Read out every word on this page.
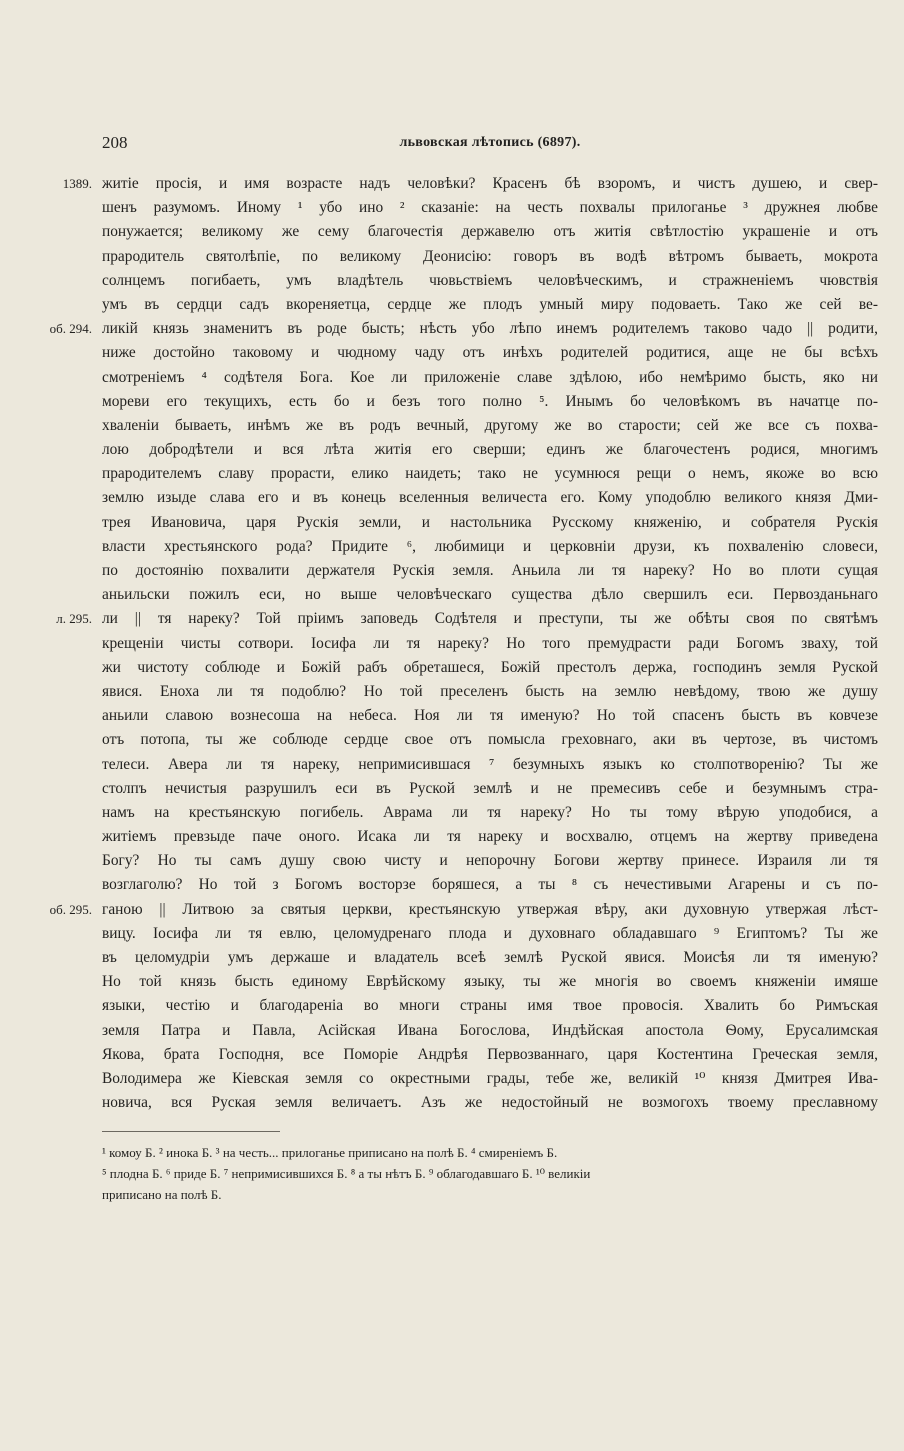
208	львовская лѣтопись (6897).
1389. житіе просія, и имя возрасте надъ человѣки? Красенъ бѣ взоромъ, и чистъ душею, и свер-
шенъ разумомъ. Иному ¹ убо ино ² сказаніе: на честь похвалы прилоганье ³ дружнея любве
понужается; великому же сему благочестія державелю отъ житія свѣтлостію украшеніе и отъ
прародитель святолѣпіе, по великому Деонисію: говоръ въ водѣ вѣтромъ бываеть, мокрота
солнцемъ погибаеть, умъ владѣтель чювьствіемъ человѣческимъ, и стражненіемъ чювствія
умъ въ сердци садъ вкореняетца, сердце же плодъ умный миру подоваеть. Тако же сей ве-
об. 294. ликій князь знаменитъ въ роде бысть; нѣсть убо лѣпо инемъ родителемъ таково чадо || родити,
ниже достойно таковому и чюдному чаду отъ инѣхъ родителей родитися, аще не бы всѣхъ
смотреніемъ ⁴ содѣтеля Бога. Кое ли приложеніе славе здѣлою, ибо немѣримо бысть, яко ни
мореви его текущихъ, есть бо и безъ того полно ⁵. Инымъ бо человѣкомъ въ начатце по-
хваленіи бываеть, инѣмъ же въ родъ вечный, другому же во старости; сей же все съ похва-
лою добродѣтели и вся лѣта житія его сверши; единъ же благочестенъ родися, многимъ
прародителемъ славу прорасти, елико наидеть; тако не усумнюся рещи о немъ, якоже во всю
землю изыде слава его и въ конець вселенныя величеста его. Кому уподоблю великого князя Дми-
трея Ивановича, царя Рускія земли, и настольника Русскому княженію, и собрателя Рускія
власти хрестьянского рода? Придите ⁶, любимици и церковніи друзи, къ похваленію словеси,
по достоянію похвалити держателя Рускія земля. Аньила ли тя нареку? Но во плоти сущая
аньильски пожилъ еси, но выше человѣческаго существа дѣло свершилъ еси. Первозданьнаго
л. 295. ли || тя нареку? Той пріимъ заповедь Содѣтеля и преступи, ты же обѣты своя по святѣмъ
крещеніи чисты сотвори. Іосифа ли тя нареку? Но того премудрасти ради Богомъ зваху, той
жи чистоту соблюде и Божій рабъ обреташеся, Божій престолъ держа, господинъ земля Руской
явися. Еноха ли тя подоблю? Но той преселенъ бысть на землю невѣдому, твою же душу
аньили славою вознесоша на небеса. Ноя ли тя именую? Но той спасенъ бысть въ ковчезе
отъ потопа, ты же соблюде сердце свое отъ помысла греховнаго, аки въ чертозе, въ чистомъ
телеси. Авера ли тя нареку, непримисившася ⁷ безумныхъ языкъ ко столпотворенію? Ты же
столпъ нечистыя разрушилъ еси въ Руской землѣ и не премесивъ себе и безумнымъ стра-
намъ на крестьянскую погибель. Аврама ли тя нареку? Но ты тому вѣрую уподобися, а
житіемъ превзыде паче оного. Исака ли тя нареку и восхвалю, отцемъ на жертву приведена
Богу? Но ты самъ душу свою чисту и непорочну Богови жертву принесе. Израиля ли тя
возглаголю? Но той з Богомъ восторзе боряшеся, а ты ⁸ съ нечестивыми Агарены и съ по-
об. 295. ганою || Литвою за святыя церкви, крестьянскую утвержая вѣру, аки духовную утвержая лѣст-
вицу. Іосифа ли тя евлю, целомудренаго плода и духовнаго обладавшаго ⁹ Египтомъ? Ты же
въ целомудріи умъ держаше и владатель всеѣ землѣ Руской явися. Моисѣя ли тя именую?
Но той князь бысть единому Еврѣйскому языку, ты же многія во своемъ княженіи имяше
языки, честію и благодареніа во многи страны имя твое провосія. Хвалить бо Римъская
земля Патра и Павла, Асійская Ивана Богослова, Индѣйская апостола Ѳому, Ерусалимская
Якова, брата Господня, все Поморіе Андрѣя Первозваннаго, царя Костентина Греческая земля,
Володимера же Кіевская земля со окрестными грады, тебе же, великій ¹⁰ князя Дмитрея Ива-
новича, вся Руская земля величаетъ. Азъ же недостойный не возмогохъ твоему преславному
¹ комоу Б. ² инока Б. ³ на честь... прилоганье приписано на полѣ Б. ⁴ смиреніемъ Б.
⁵ плодна Б. ⁶ приде Б. ⁷ непримисившихся Б. ⁸ а ты нѣтъ Б. ⁹ облагодавшаго Б. ¹⁰ великіи
приписано на полѣ Б.
